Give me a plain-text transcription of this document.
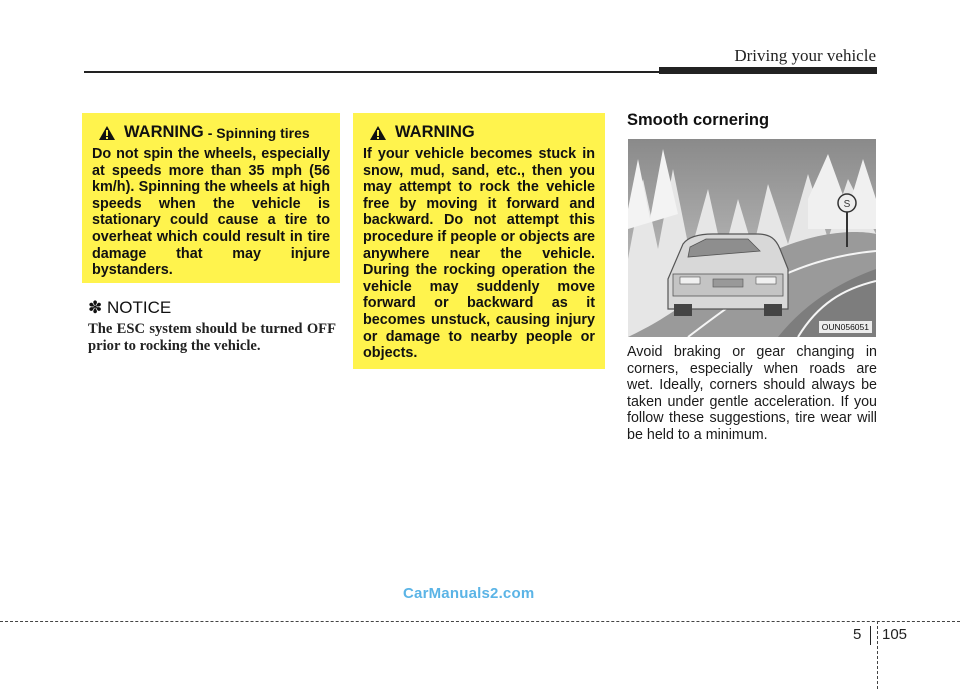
Driving your vehicle
WARNING - Spinning tires
Do not spin the wheels, especially at speeds more than 35 mph (56 km/h). Spinning the wheels at high speeds when the vehicle is stationary could cause a tire to overheat which could result in tire damage that may injure bystanders.
✽ NOTICE
The ESC system should be turned OFF prior to rocking the vehicle.
WARNING
If your vehicle becomes stuck in snow, mud, sand, etc., then you may attempt to rock the vehicle free by moving it forward and backward. Do not attempt this procedure if people or objects are anywhere near the vehicle. During the rocking operation the vehicle may suddenly move forward or backward as it becomes unstuck, causing injury or damage to nearby people or objects.
Smooth cornering
S
OUN056051
Avoid braking or gear changing in corners, especially when roads are wet. Ideally, corners should always be taken under gentle acceleration. If you follow these suggestions, tire wear will be held to a minimum.
CarManuals2.com
5 105
